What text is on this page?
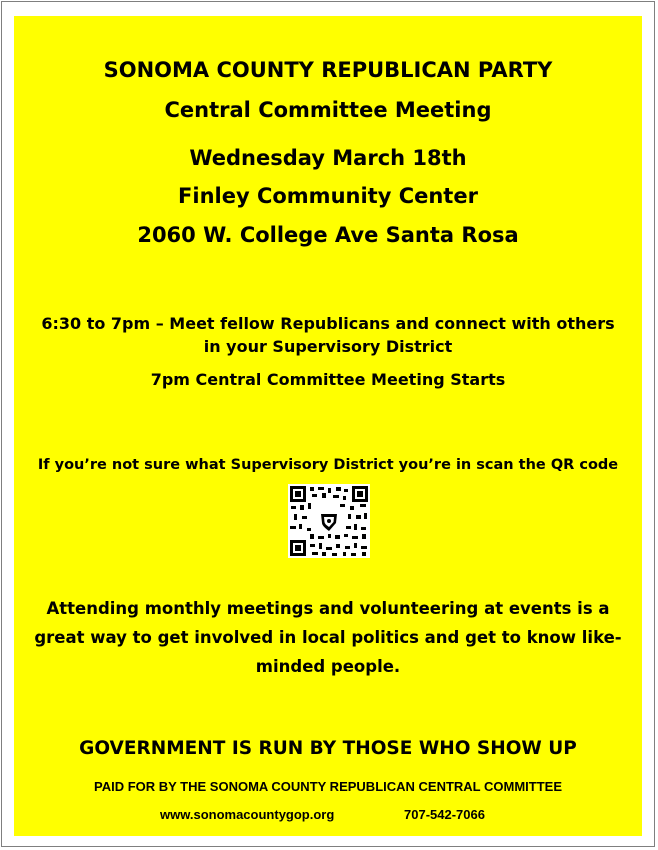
SONOMA COUNTY REPUBLICAN PARTY
Central Committee Meeting
Wednesday March 18th
Finley Community Center
2060 W. College Ave Santa Rosa
6:30 to 7pm – Meet fellow Republicans and connect with others
in your Supervisory District
7pm Central Committee Meeting Starts
If you’re not sure what Supervisory District you’re in scan the QR code
Attending monthly meetings and volunteering at events is a
great way to get involved in local politics and get to know like-
minded people.
GOVERNMENT IS RUN BY THOSE WHO SHOW UP
PAID FOR BY THE SONOMA COUNTY REPUBLICAN CENTRAL COMMITTEE
www.sonomacountygop.org	707-542-7066
